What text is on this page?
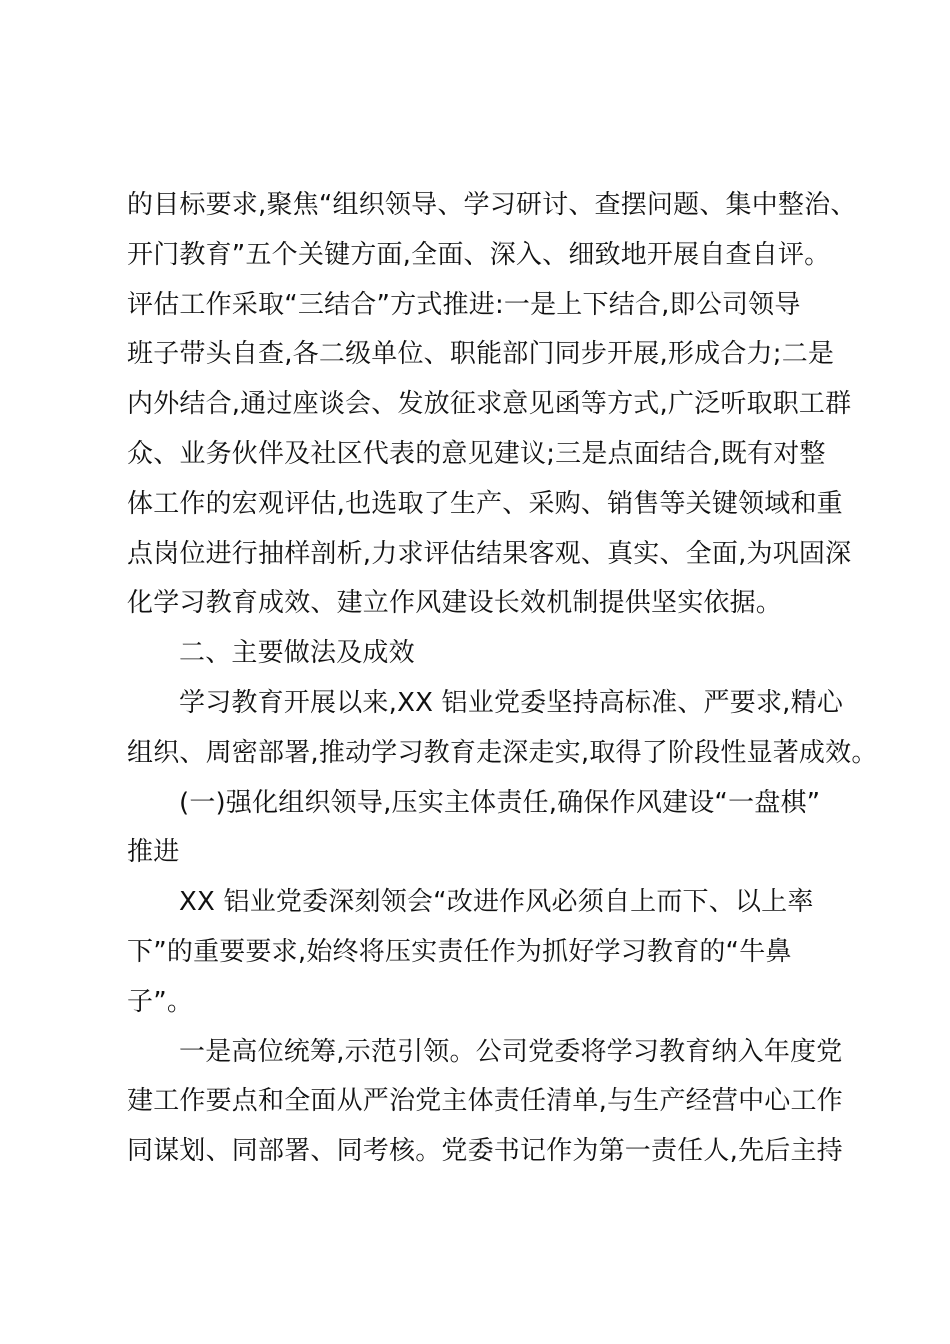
的目标要求,聚焦“组织领导、学习研讨、查摆问题、集中整治、
开门教育”五个关键方面,全面、深入、细致地开展自查自评。
评估工作采取“三结合”方式推进:一是上下结合,即公司领导
班子带头自查,各二级单位、职能部门同步开展,形成合力;二是
内外结合,通过座谈会、发放征求意见函等方式,广泛听取职工群
众、业务伙伴及社区代表的意见建议;三是点面结合,既有对整
体工作的宏观评估,也选取了生产、采购、销售等关键领域和重
点岗位进行抽样剖析,力求评估结果客观、真实、全面,为巩固深
化学习教育成效、建立作风建设长效机制提供坚实依据。
二、主要做法及成效
学习教育开展以来,XX 铝业党委坚持高标准、严要求,精心
组织、周密部署,推动学习教育走深走实,取得了阶段性显著成效。
(一)强化组织领导,压实主体责任,确保作风建设“一盘棋”
推进
XX 铝业党委深刻领会“改进作风必须自上而下、以上率
下”的重要要求,始终将压实责任作为抓好学习教育的“牛鼻
子”。
一是高位统筹,示范引领。公司党委将学习教育纳入年度党
建工作要点和全面从严治党主体责任清单,与生产经营中心工作
同谋划、同部署、同考核。党委书记作为第一责任人,先后主持
